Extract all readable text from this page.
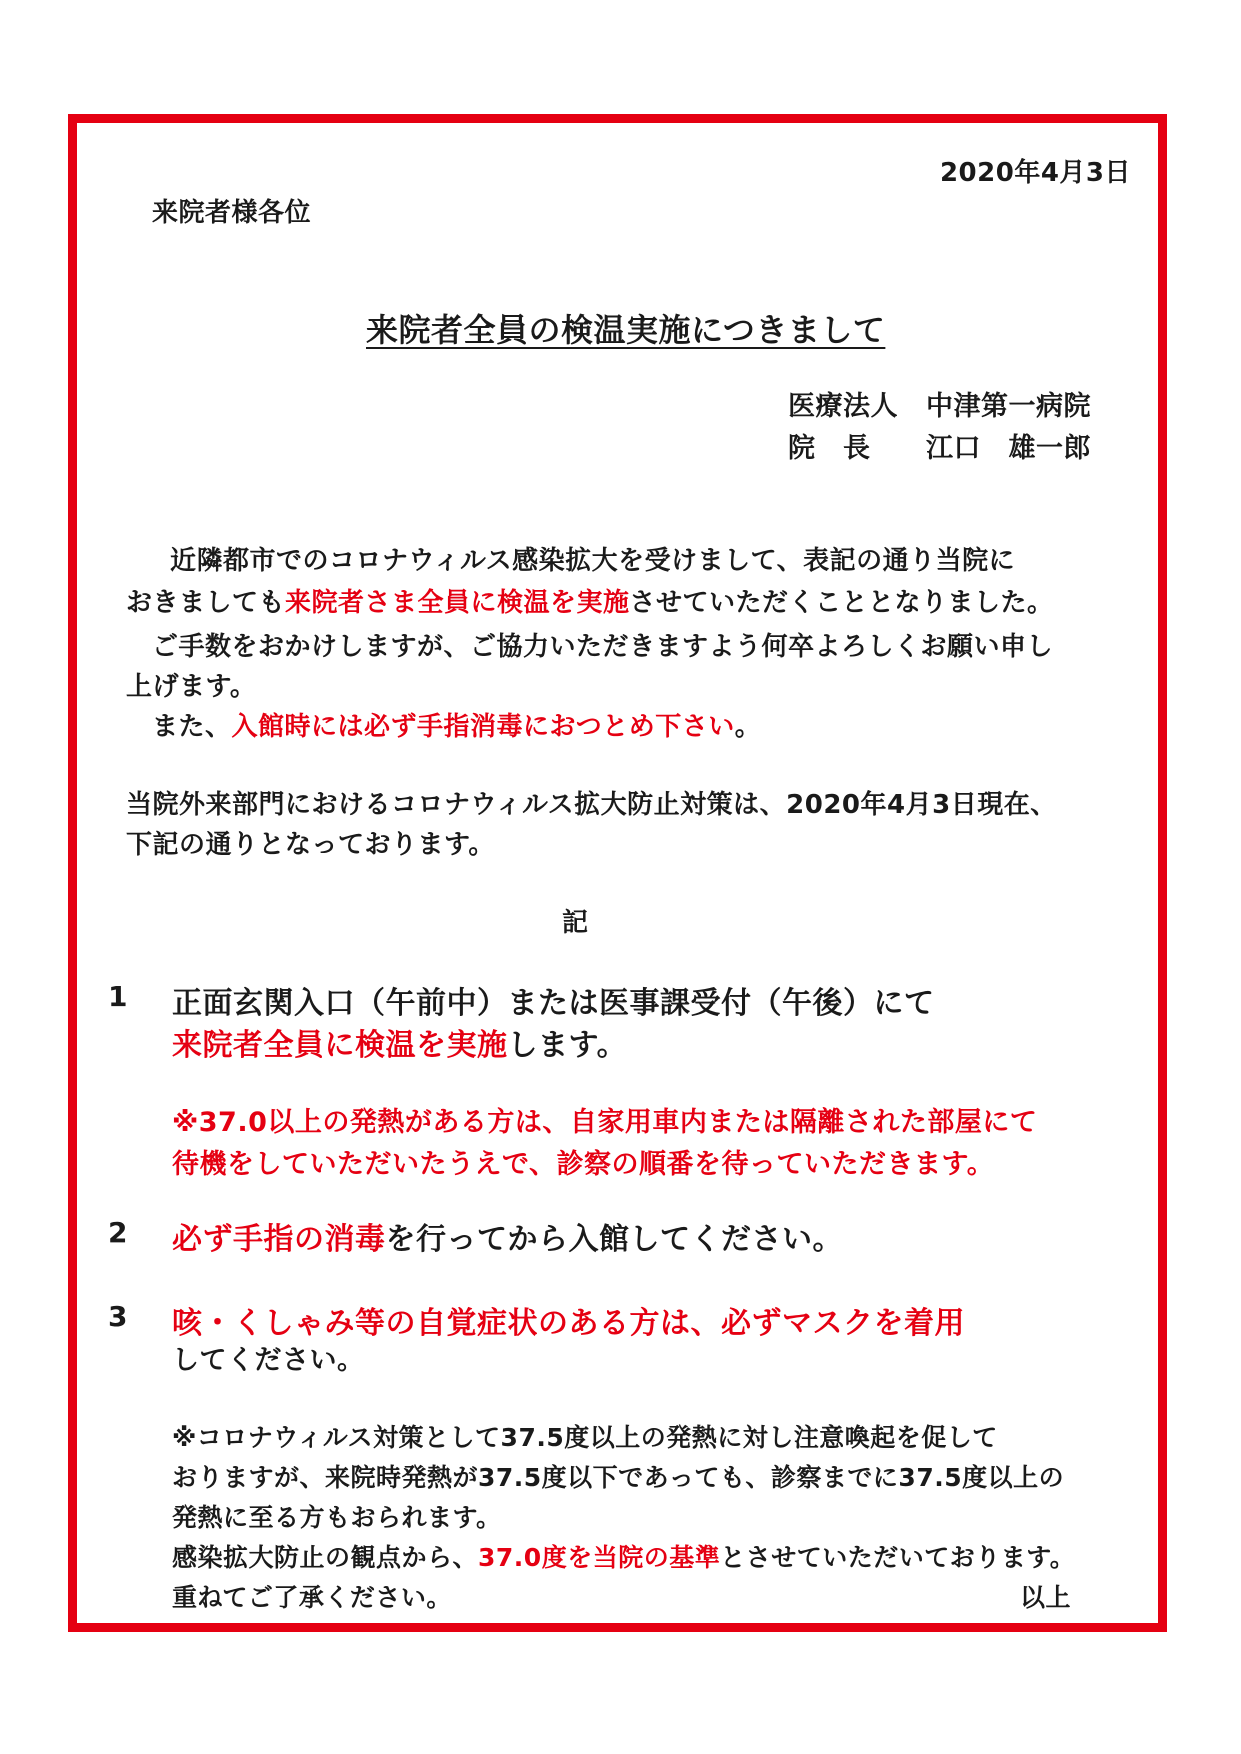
2020年4月3日
来院者様各位
来院者全員の検温実施につきまして
医療法人 中津第一病院
院　長 江口　雄一郎
近隣都市でのコロナウィルス感染拡大を受けまして、表記の通り当院に
おきましても来院者さま全員に検温を実施させていただくこととなりました。
ご手数をおかけしますが、ご協力いただきますよう何卒よろしくお願い申し
上げます。
また、入館時には必ず手指消毒におつとめ下さい。
当院外来部門におけるコロナウィルス拡大防止対策は、2020年4月3日現在、
下記の通りとなっております。
記
1 正面玄関入口（午前中）または医事課受付（午後）にて
来院者全員に検温を実施します。
※37.0以上の発熱がある方は、自家用車内または隔離された部屋にて
待機をしていただいたうえで、診察の順番を待っていただきます。
2 必ず手指の消毒を行ってから入館してください。
3 咳・くしゃみ等の自覚症状のある方は、必ずマスクを着用
してください。
※コロナウィルス対策として37.5度以上の発熱に対し注意喚起を促して
おりますが、来院時発熱が37.5度以下であっても、診察までに37.5度以上の
発熱に至る方もおられます。
感染拡大防止の観点から、37.0度を当院の基準とさせていただいております。
重ねてご了承ください。	以上
